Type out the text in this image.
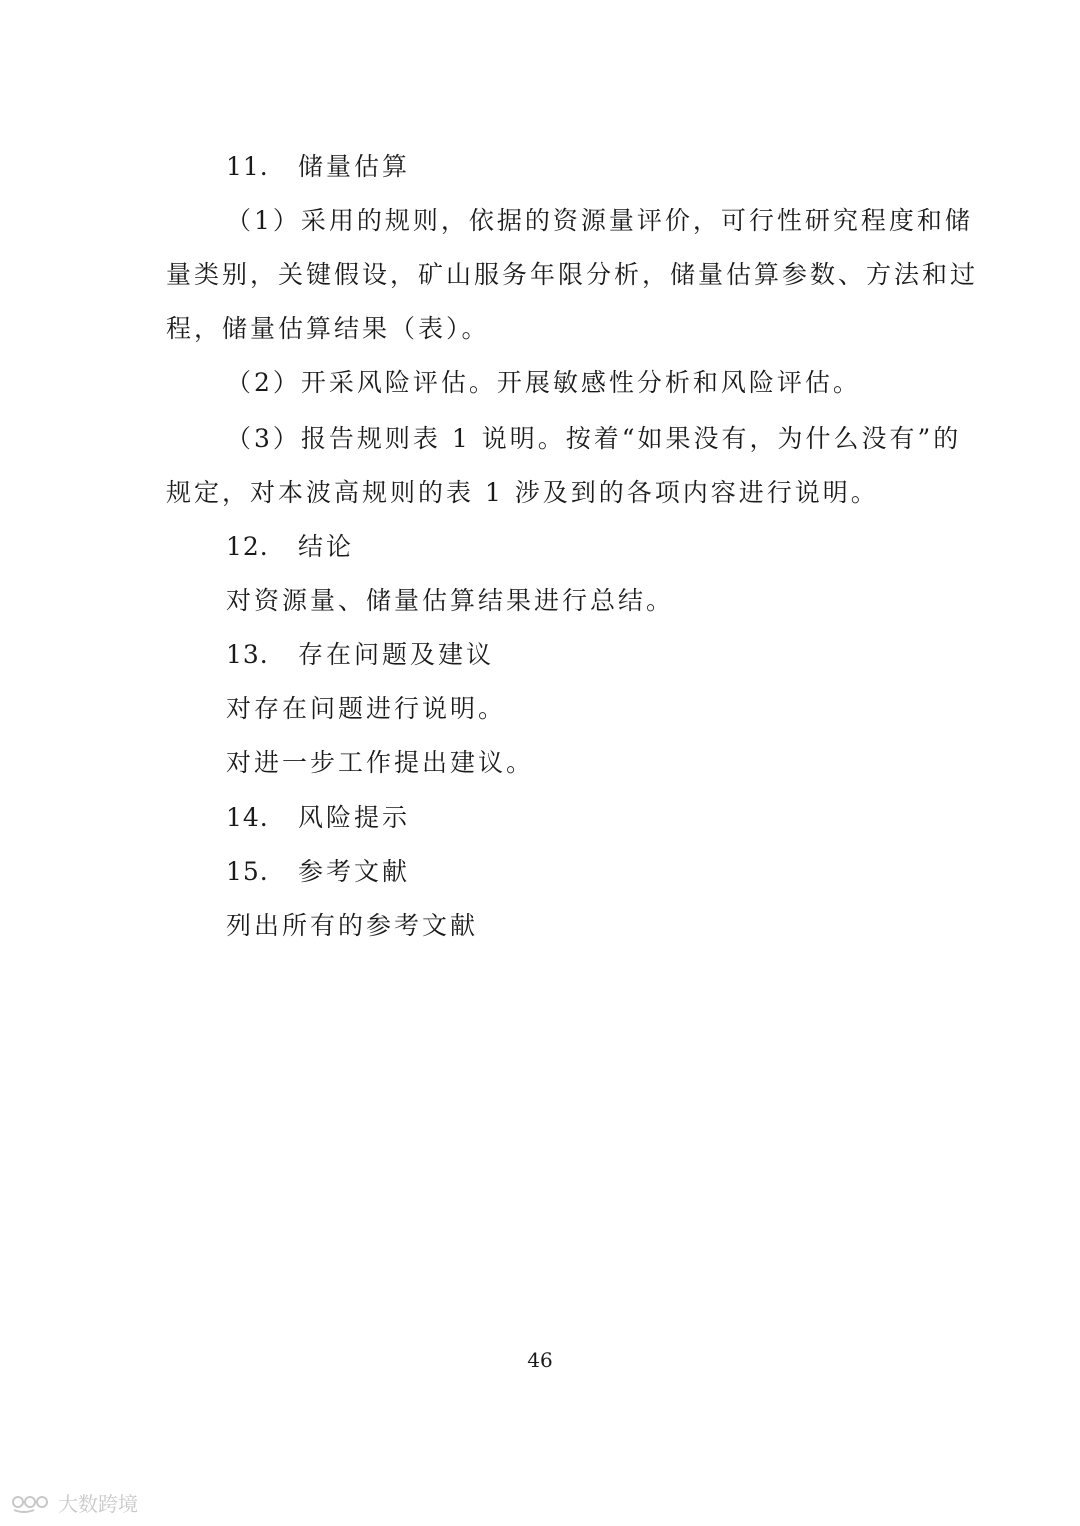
11. 储量估算
（1）采用的规则，依据的资源量评价，可行性研究程度和储
量类别，关键假设，矿山服务年限分析，储量估算参数、方法和过
程，储量估算结果（表）。
（2）开采风险评估。开展敏感性分析和风险评估。
（3）报告规则表 1 说明。按着“如果没有，为什么没有”的
规定，对本波高规则的表 1 涉及到的各项内容进行说明。
12. 结论
对资源量、储量估算结果进行总结。
13. 存在问题及建议
对存在问题进行说明。
对进一步工作提出建议。
14. 风险提示
15. 参考文献
列出所有的参考文献
46
大数跨境
